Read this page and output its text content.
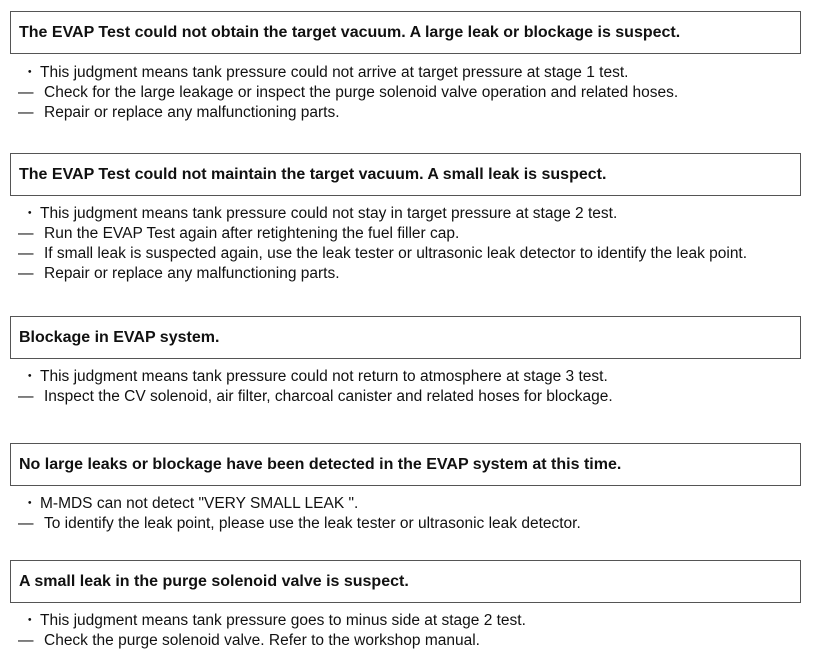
The EVAP Test could not obtain the target vacuum. A large leak or blockage is suspect.
・ This judgment means tank pressure could not arrive at target pressure at stage 1 test.
— Check for the large leakage or inspect the purge solenoid valve operation and related hoses.
— Repair or replace any malfunctioning parts.
The EVAP Test could not maintain the target vacuum. A small leak is suspect.
・ This judgment means tank pressure could not stay in target pressure at stage 2 test.
— Run the EVAP Test again after retightening the fuel filler cap.
— If small leak is suspected again, use the leak tester or ultrasonic leak detector to identify the leak point.
— Repair or replace any malfunctioning parts.
Blockage in EVAP system.
・ This judgment means tank pressure could not return to atmosphere at stage 3 test.
— Inspect the CV solenoid, air filter, charcoal canister and related hoses for blockage.
No large leaks or blockage have been detected in the EVAP system at this time.
・ M-MDS can not detect "VERY SMALL LEAK ".
— To identify the leak point, please use the leak tester or ultrasonic leak detector.
A small leak in the purge solenoid valve is suspect.
・ This judgment means tank pressure goes to minus side at stage 2 test.
— Check the purge solenoid valve. Refer to the workshop manual.
